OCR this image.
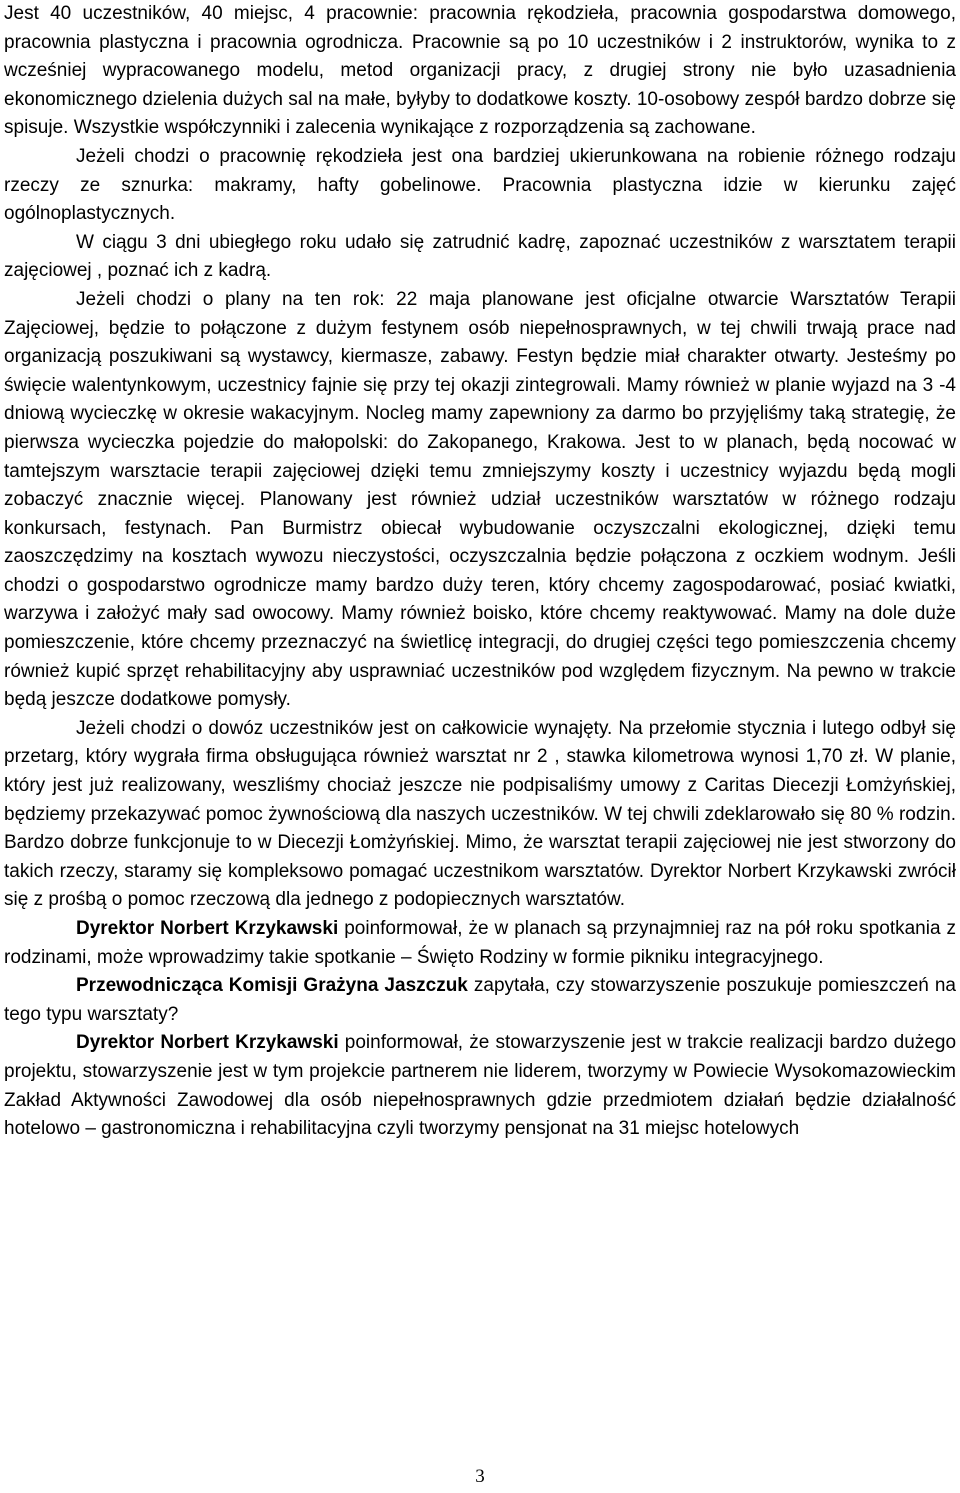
Jest 40 uczestników, 40 miejsc, 4 pracownie: pracownia rękodzieła, pracownia gospodarstwa domowego, pracownia plastyczna i pracownia ogrodnicza. Pracownie są po 10 uczestników i 2 instruktorów, wynika to z wcześniej wypracowanego modelu, metod organizacji pracy, z drugiej strony nie było uzasadnienia ekonomicznego dzielenia dużych sal na małe, byłyby to dodatkowe koszty. 10-osobowy zespół bardzo dobrze się spisuje. Wszystkie współczynniki i zalecenia wynikające z rozporządzenia są zachowane.

Jeżeli chodzi o pracownię rękodzieła jest ona bardziej ukierunkowana na robienie różnego rodzaju rzeczy ze sznurka: makramy, hafty gobelinowe. Pracownia plastyczna idzie w kierunku zajęć ogólnoplastycznych.

W ciągu 3 dni ubiegłego roku udało się zatrudnić kadrę, zapoznać uczestników z warsztatem terapii zajęciowej , poznać ich z kadrą.

Jeżeli chodzi o plany na ten rok: 22 maja planowane jest oficjalne otwarcie Warsztatów Terapii Zajęciowej, będzie to połączone z dużym festynem osób niepełnosprawnych, w tej chwili trwają prace nad organizacją poszukiwani są wystawcy, kiermasze, zabawy. Festyn będzie miał charakter otwarty. Jesteśmy po święcie walentynkowym, uczestnicy fajnie się przy tej okazji zintegrowali. Mamy również w planie wyjazd na 3 -4 dniową wycieczkę w okresie wakacyjnym. Nocleg mamy zapewniony za darmo bo przyjęliśmy taką strategię, że pierwsza wycieczka pojedzie do małopolski: do Zakopanego, Krakowa. Jest to w planach, będą nocować w tamtejszym warsztacie terapii zajęciowej dzięki temu zmniejszymy koszty i uczestnicy wyjazdu będą mogli zobaczyć znacznie więcej. Planowany jest również udział uczestników warsztatów w różnego rodzaju konkursach, festynach. Pan Burmistrz obiecał wybudowanie oczyszczalni ekologicznej, dzięki temu zaoszczędzimy na kosztach wywozu nieczystości, oczyszczalnia będzie połączona z oczkiem wodnym. Jeśli chodzi o gospodarstwo ogrodnicze mamy bardzo duży teren, który chcemy zagospodarować, posiać kwiatki, warzywa i założyć mały sad owocowy. Mamy również boisko, które chcemy reaktywować. Mamy na dole duże pomieszczenie, które chcemy przeznaczyć na świetlicę integracji, do drugiej części tego pomieszczenia chcemy również kupić sprzęt rehabilitacyjny aby usprawniać uczestników pod względem fizycznym. Na pewno w trakcie będą jeszcze dodatkowe pomysły.

Jeżeli chodzi o dowóz uczestników jest on całkowicie wynajęty. Na przełomie stycznia i lutego odbył się przetarg, który wygrała firma obsługująca również warsztat nr 2 , stawka kilometrowa wynosi 1,70 zł. W planie, który jest już realizowany, weszliśmy chociaż jeszcze nie podpisaliśmy umowy z Caritas Diecezji Łomżyńskiej, będziemy przekazywać pomoc żywnościową dla naszych uczestników. W tej chwili zdeklarowało się 80 % rodzin. Bardzo dobrze funkcjonuje to w Diecezji Łomżyńskiej. Mimo, że warsztat terapii zajęciowej nie jest stworzony do takich rzeczy, staramy się kompleksowo pomagać uczestnikom warsztatów. Dyrektor Norbert Krzykawski zwrócił się z prośbą o pomoc rzeczową dla jednego z podopiecznych warsztatów.

Dyrektor Norbert Krzykawski poinformował, że w planach są przynajmniej raz na pół roku spotkania z rodzinami, może wprowadzimy takie spotkanie – Święto Rodziny w formie pikniku integracyjnego.

Przewodnicząca Komisji Grażyna Jaszczuk zapytała, czy stowarzyszenie poszukuje pomieszczeń na tego typu warsztaty?

Dyrektor Norbert Krzykawski poinformował, że stowarzyszenie jest w trakcie realizacji bardzo dużego projektu, stowarzyszenie jest w tym projekcie partnerem nie liderem, tworzymy w Powiecie Wysokomazowieckim Zakład Aktywności Zawodowej dla osób niepełnosprawnych gdzie przedmiotem działań będzie działalność hotelowo – gastronomiczna i rehabilitacyjna czyli tworzymy pensjonat na 31 miejsc hotelowych

3
